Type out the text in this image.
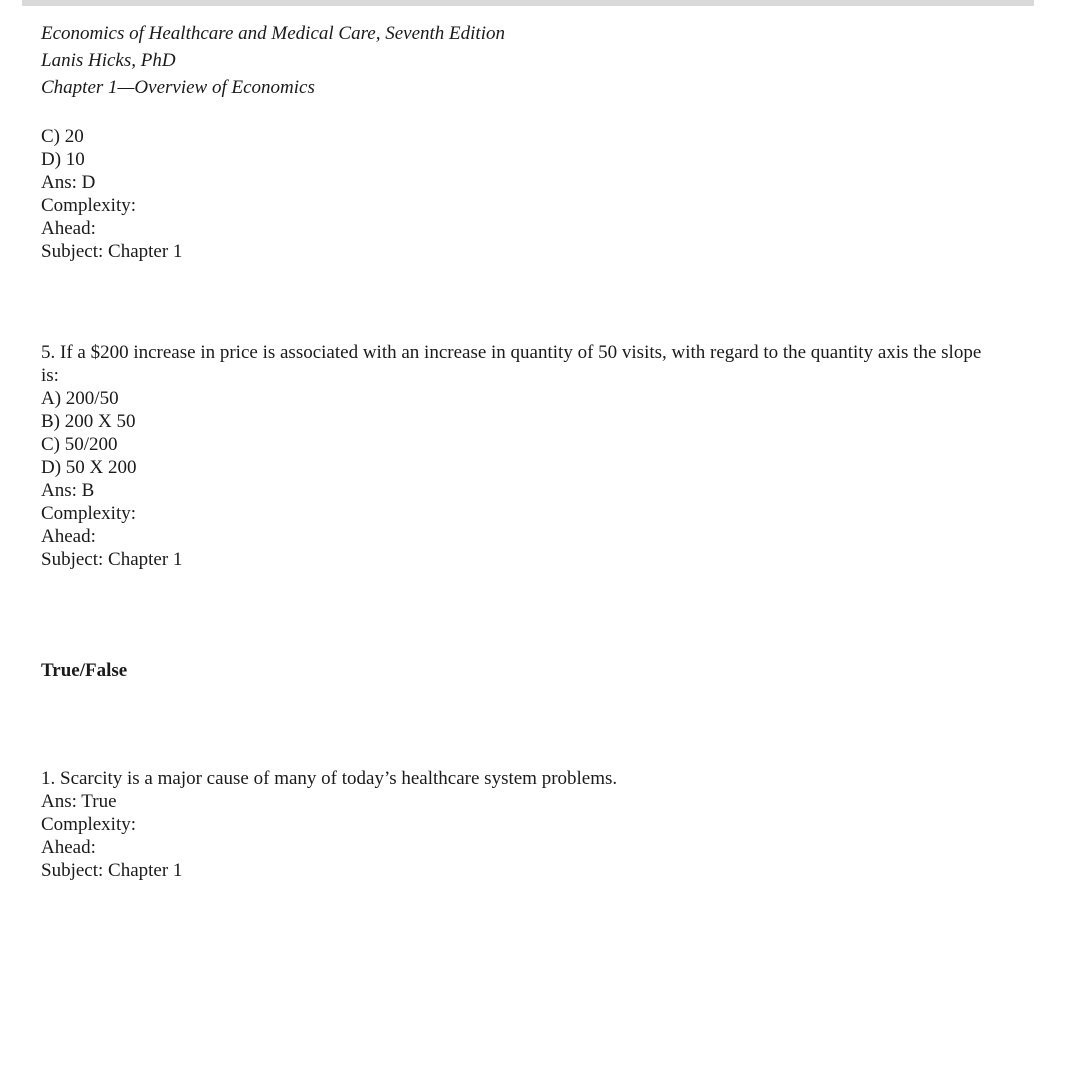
Economics of Healthcare and Medical Care, Seventh Edition

Lanis Hicks, PhD

Chapter 1—Overview of Economics

C) 20
D) 10
Ans: D
Complexity:
Ahead:
Subject: Chapter 1
5. If a $200 increase in price is associated with an increase in quantity of 50 visits, with regard to the quantity axis the slope is:
A) 200/50
B) 200 X 50
C) 50/200
D) 50 X 200
Ans: B
Complexity:
Ahead:
Subject: Chapter 1

True/False

1. Scarcity is a major cause of many of today’s healthcare system problems.
Ans: True
Complexity:
Ahead:
Subject: Chapter 1
